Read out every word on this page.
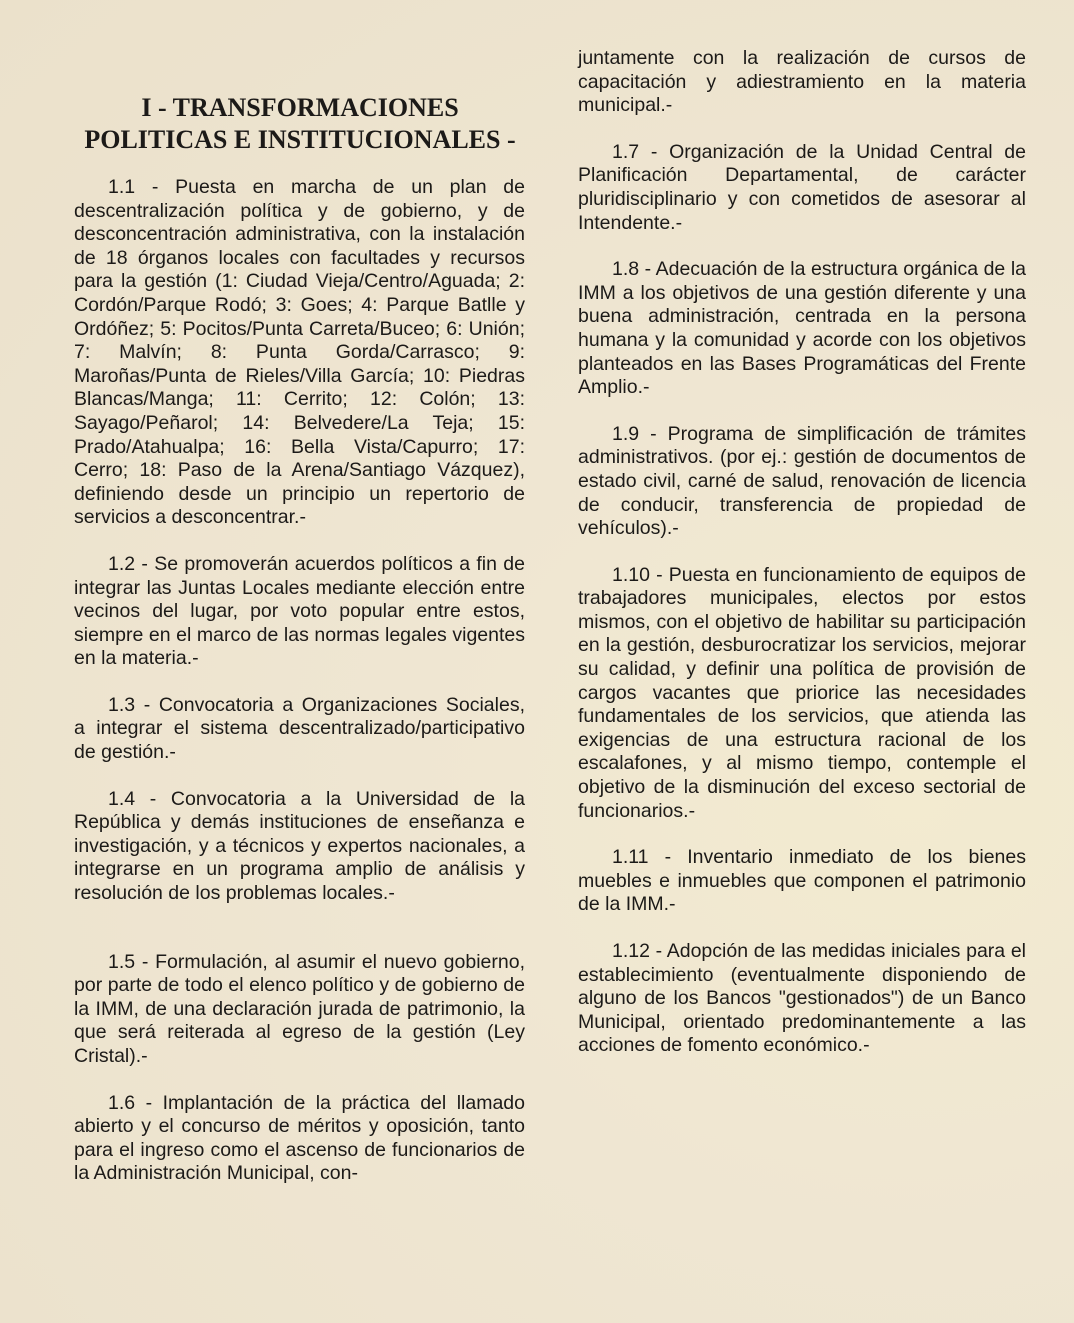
I - TRANSFORMACIONES
POLITICAS E INSTITUCIONALES -

1.1 - Puesta en marcha de un plan de descentralización política y de gobierno, y de desconcentración administrativa, con la instalación de 18 órganos locales con facultades y recursos para la gestión (1: Ciudad Vieja/Centro/Aguada; 2: Cordón/Parque Rodó; 3: Goes; 4: Parque Batlle y Ordóñez; 5: Pocitos/Punta Carreta/Buceo; 6: Unión; 7: Malvín; 8: Punta Gorda/Carrasco; 9: Maroñas/Punta de Rieles/Villa García; 10: Piedras Blancas/Manga; 11: Cerrito; 12: Colón; 13: Sayago/Peñarol; 14: Belvedere/La Teja; 15: Prado/Atahualpa; 16: Bella Vista/Capurro; 17: Cerro; 18: Paso de la Arena/Santiago Vázquez), definiendo desde un principio un repertorio de servicios a desconcentrar.-

1.2 - Se promoverán acuerdos políticos a fin de integrar las Juntas Locales mediante elección entre vecinos del lugar, por voto popular entre estos, siempre en el marco de las normas legales vigentes en la materia.-

1.3 - Convocatoria a Organizaciones Sociales, a integrar el sistema descentralizado/participativo de gestión.-

1.4 - Convocatoria a la Universidad de la República y demás instituciones de enseñanza e investigación, y a técnicos y expertos nacionales, a integrarse en un programa amplio de análisis y resolución de los problemas locales.-

1.5 - Formulación, al asumir el nuevo gobierno, por parte de todo el elenco político y de gobierno de la IMM, de una declaración jurada de patrimonio, la que será reiterada al egreso de la gestión (Ley Cristal).-

1.6 - Implantación de la práctica del llamado abierto y el concurso de méritos y oposición, tanto para el ingreso como el ascenso de funcionarios de la Administración Municipal, con-

juntamente con la realización de cursos de capacitación y adiestramiento en la materia municipal.-

1.7 - Organización de la Unidad Central de Planificación Departamental, de carácter pluridisciplinario y con cometidos de asesorar al Intendente.-

1.8 - Adecuación de la estructura orgánica de la IMM a los objetivos de una gestión diferente y una buena administración, centrada en la persona humana y la comunidad y acorde con los objetivos planteados en las Bases Programáticas del Frente Amplio.-

1.9 - Programa de simplificación de trámites administrativos. (por ej.: gestión de documentos de estado civil, carné de salud, renovación de licencia de conducir, transferencia de propiedad de vehículos).-

1.10 - Puesta en funcionamiento de equipos de trabajadores municipales, electos por estos mismos, con el objetivo de habilitar su participación en la gestión, desburocratizar los servicios, mejorar su calidad, y definir una política de provisión de cargos vacantes que priorice las necesidades fundamentales de los servicios, que atienda las exigencias de una estructura racional de los escalafones, y al mismo tiempo, contemple el objetivo de la disminución del exceso sectorial de funcionarios.-

1.11 - Inventario inmediato de los bienes muebles e inmuebles que componen el patrimonio de la IMM.-

1.12 - Adopción de las medidas iniciales para el establecimiento (eventualmente disponiendo de alguno de los Bancos "gestionados") de un Banco Municipal, orientado predominantemente a las acciones de fomento económico.-
